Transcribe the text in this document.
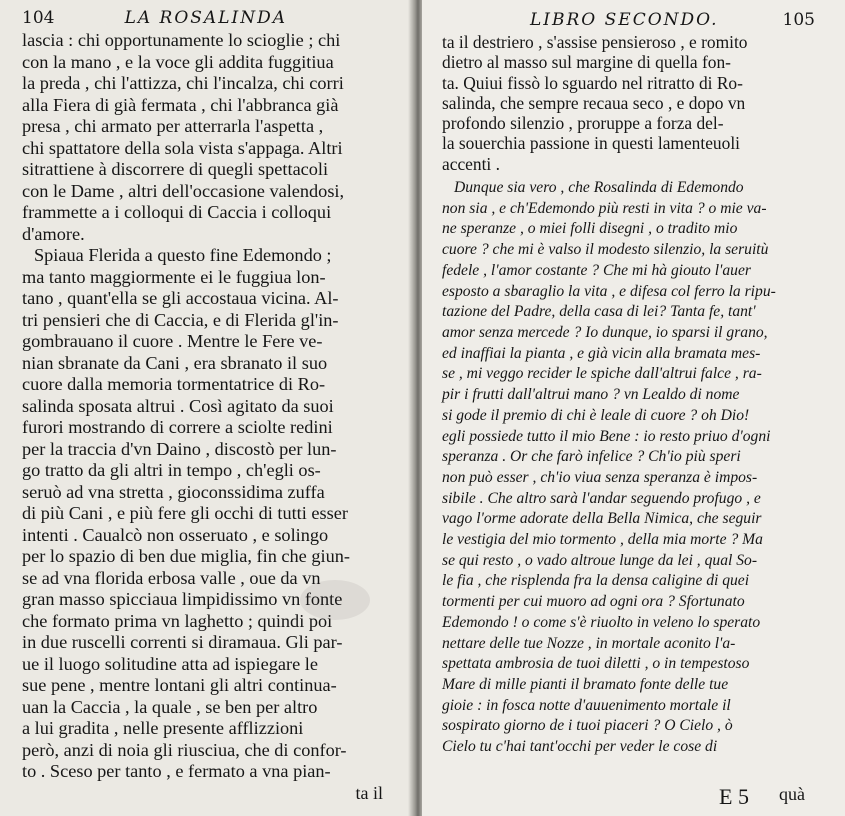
104	LA ROSALINDA
lascia : chi opportunamente lo scioglie ; chi
con la mano , e la voce gli addita fuggitiua
la preda , chi l'attizza, chi l'incalza, chi corri
alla Fiera di già fermata , chi l'abbranca già
presa , chi armato per atterrarla l'aspetta ,
chi spattatore della sola vista s'appaga. Altri
sitrattiene à discorrere di quegli spettacoli
con le Dame , altri dell'occasione valendosi,
frammette a i colloqui di Caccia i colloqui
d'amore.
Spiaua Flerida a questo fine Edemondo ;
ma tanto maggiormente ei le fuggiua lon-
tano , quant'ella se gli accostaua vicina. Al-
tri pensieri che di Caccia, e di Flerida gl'in-
gombrauano il cuore . Mentre le Fere ve-
nian sbranate da Cani , era sbranato il suo
cuore dalla memoria tormentatrice di Ro-
salinda sposata altrui . Così agitato da suoi
furori mostrando di correre a sciolte redini
per la traccia d'vn Daino , discostò per lun-
go tratto da gli altri in tempo , ch'egli os-
seruò ad vna stretta , gioconssidima zuffa
di più Cani , e più fere gli occhi di tutti esser
intenti . Caualcò non osseruato , e solingo
per lo spazio di ben due miglia, fin che giun-
se ad vna florida erbosa valle , oue da vn
gran masso spicciaua limpidissimo vn fonte
che formato prima vn laghetto ; quindi poi
in due ruscelli correnti si diramaua. Gli par-
ue il luogo solitudine atta ad ispiegare le
sue pene , mentre lontani gli altri continua-
uan la Caccia , la quale , se ben per altro
a lui gradita , nelle presente afflizzioni
però, anzi di noia gli riusciua, che di confor-
to . Sceso per tanto , e fermato a vna pian-
ta il
LIBRO SECONDO.	105
ta il destriero , s'assise pensieroso , e romito
dietro al masso sul margine di quella fon-
ta. Quiui fissò lo sguardo nel ritratto di Ro-
salinda, che sempre recaua seco , e dopo vn
profondo silenzio , proruppe a forza del-
la souerchia passione in questi lamenteuoli
accenti .
Dunque sia vero , che Rosalinda di Edemondo
non sia , e ch'Edemondo più resti in vita ? o mie va-
ne speranze , o miei folli disegni , o tradito mio
cuore ? che mi è valso il modesto silenzio, la seruitù
fedele , l'amor costante ? Che mi hà giouto l'auer
esposto a sbaraglio la vita , e difesa col ferro la ripu-
tazione del Padre, della casa di lei? Tanta fe, tant'
amor senza mercede ? Io dunque, io sparsi il grano,
ed inaffiai la pianta , e già vicin alla bramata mes-
se , mi veggo recider le spiche dall'altrui falce , ra-
pir i frutti dall'altrui mano ? vn Lealdo di nome
si gode il premio di chi è leale di cuore ? oh Dio!
egli possiede tutto il mio Bene : io resto priuo d'ogni
speranza . Or che farò infelice ? Ch'io più speri
non può esser , ch'io viua senza speranza è impos-
sibile . Che altro sarà l'andar seguendo profugo , e
vago l'orme adorate della Bella Nimica, che seguir
le vestigia del mio tormento , della mia morte ? Ma
se qui resto , o vado altroue lunge da lei , qual So-
le fia , che risplenda fra la densa caligine di quei
tormenti per cui muoro ad ogni ora ? Sfortunato
Edemondo ! o come s'è riuolto in veleno lo sperato
nettare delle tue Nozze , in mortale aconito l'a-
spettata ambrosia de tuoi diletti , o in tempestoso
Mare di mille pianti il bramato fonte delle tue
gioie : in fosca notte d'auuenimento mortale il
sospirato giorno de i tuoi piaceri ? O Cielo , ò
Cielo tu c'hai tant'occhi per veder le cose di
E 5 quà
